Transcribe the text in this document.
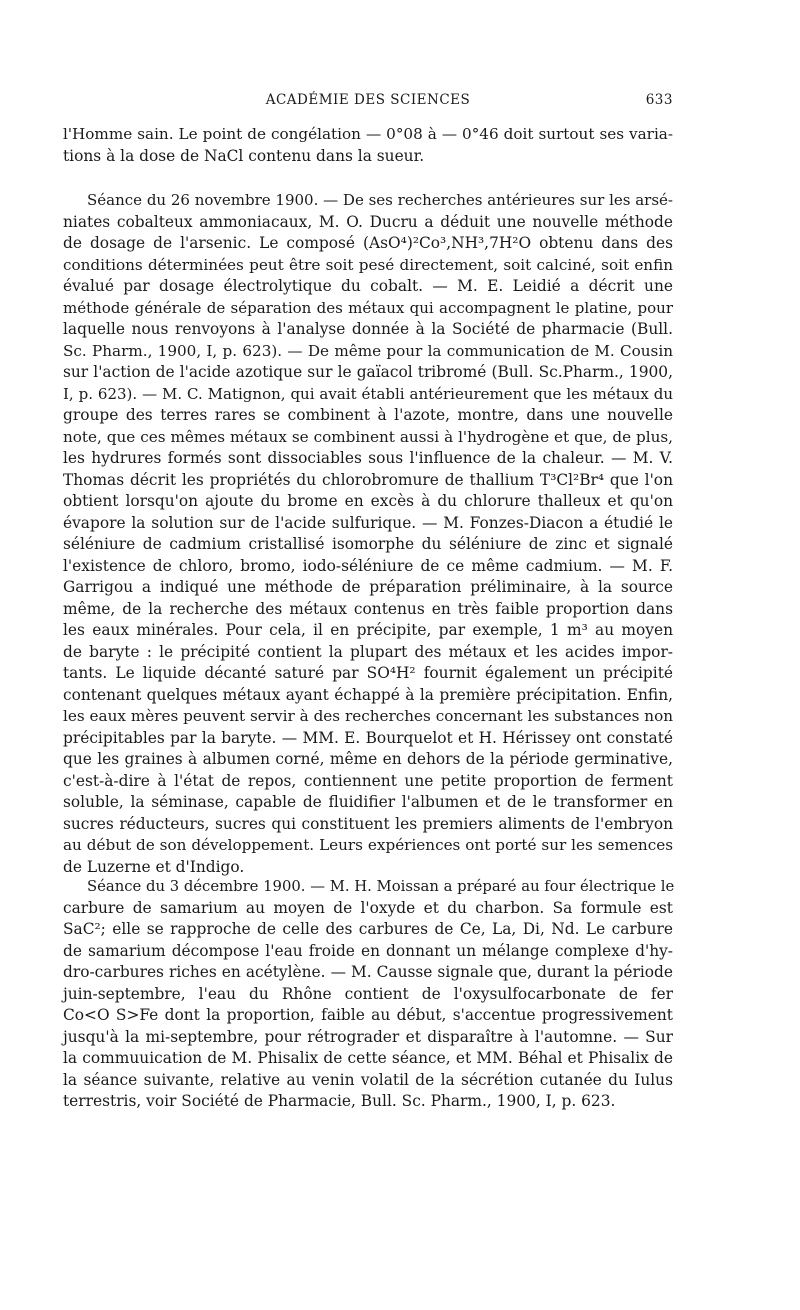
ACADÉMIE DES SCIENCES	633
l'Homme sain. Le point de congélation — 0°08 à — 0°46 doit surtout ses varia-
tions à la dose de NaCl contenu dans la sueur.
Séance du 26 novembre 1900. — De ses recherches antérieures sur les arsé-
niates cobalteux ammoniacaux, M. O. Ducru a déduit une nouvelle méthode
de dosage de l'arsenic. Le composé (AsO⁴)²Co³,NH³,7H²O obtenu dans des
conditions déterminées peut être soit pesé directement, soit calciné, soit enfin
évalué par dosage électrolytique du cobalt. — M. E. Leidié a décrit une
méthode générale de séparation des métaux qui accompagnent le platine, pour
laquelle nous renvoyons à l'analyse donnée à la Société de pharmacie (Bull.
Sc. Pharm., 1900, I, p. 623). — De même pour la communication de M. Cousin
sur l'action de l'acide azotique sur le gaïacol tribromé (Bull. Sc.Pharm., 1900,
I, p. 623). — M. C. Matignon, qui avait établi antérieurement que les métaux du
groupe des terres rares se combinent à l'azote, montre, dans une nouvelle
note, que ces mêmes métaux se combinent aussi à l'hydrogène et que, de plus,
les hydrures formés sont dissociables sous l'influence de la chaleur. — M. V.
Thomas décrit les propriétés du chlorobromure de thallium T³Cl²Br⁴ que l'on
obtient lorsqu'on ajoute du brome en excès à du chlorure thalleux et qu'on
évapore la solution sur de l'acide sulfurique. — M. Fonzes-Diacon a étudié le
séléniure de cadmium cristallisé isomorphe du séléniure de zinc et signalé
l'existence de chloro, bromo, iodo-séléniure de ce même cadmium. — M. F.
Garrigou a indiqué une méthode de préparation préliminaire, à la source
même, de la recherche des métaux contenus en très faible proportion dans
les eaux minérales. Pour cela, il en précipite, par exemple, 1 m³ au moyen
de baryte : le précipité contient la plupart des métaux et les acides impor-
tants. Le liquide décanté saturé par SO⁴H² fournit également un précipité
contenant quelques métaux ayant échappé à la première précipitation. Enfin,
les eaux mères peuvent servir à des recherches concernant les substances non
précipitables par la baryte. — MM. E. Bourquelot et H. Hérissey ont constaté
que les graines à albumen corné, même en dehors de la période germinative,
c'est-à-dire à l'état de repos, contiennent une petite proportion de ferment
soluble, la séminase, capable de fluidifier l'albumen et de le transformer en
sucres réducteurs, sucres qui constituent les premiers aliments de l'embryon
au début de son développement. Leurs expériences ont porté sur les semences
de Luzerne et d'Indigo.
Séance du 3 décembre 1900. — M. H. Moissan a préparé au four électrique le
carbure de samarium au moyen de l'oxyde et du charbon. Sa formule est
SaC²; elle se rapproche de celle des carbures de Ce, La, Di, Nd. Le carbure
de samarium décompose l'eau froide en donnant un mélange complexe d'hy-
dro-carbures riches en acétylène. — M. Causse signale que, durant la période
juin-septembre, l'eau du Rhône contient de l'oxysulfocarbonate de fer
Co<O S>Fe dont la proportion, faible au début, s'accentue progressivement
jusqu'à la mi-septembre, pour rétrograder et disparaître à l'automne. — Sur
la commuuication de M. Phisalix de cette séance, et MM. Béhal et Phisalix de
la séance suivante, relative au venin volatil de la sécrétion cutanée du Iulus
terrestris, voir Société de Pharmacie, Bull. Sc. Pharm., 1900, I, p. 623.
